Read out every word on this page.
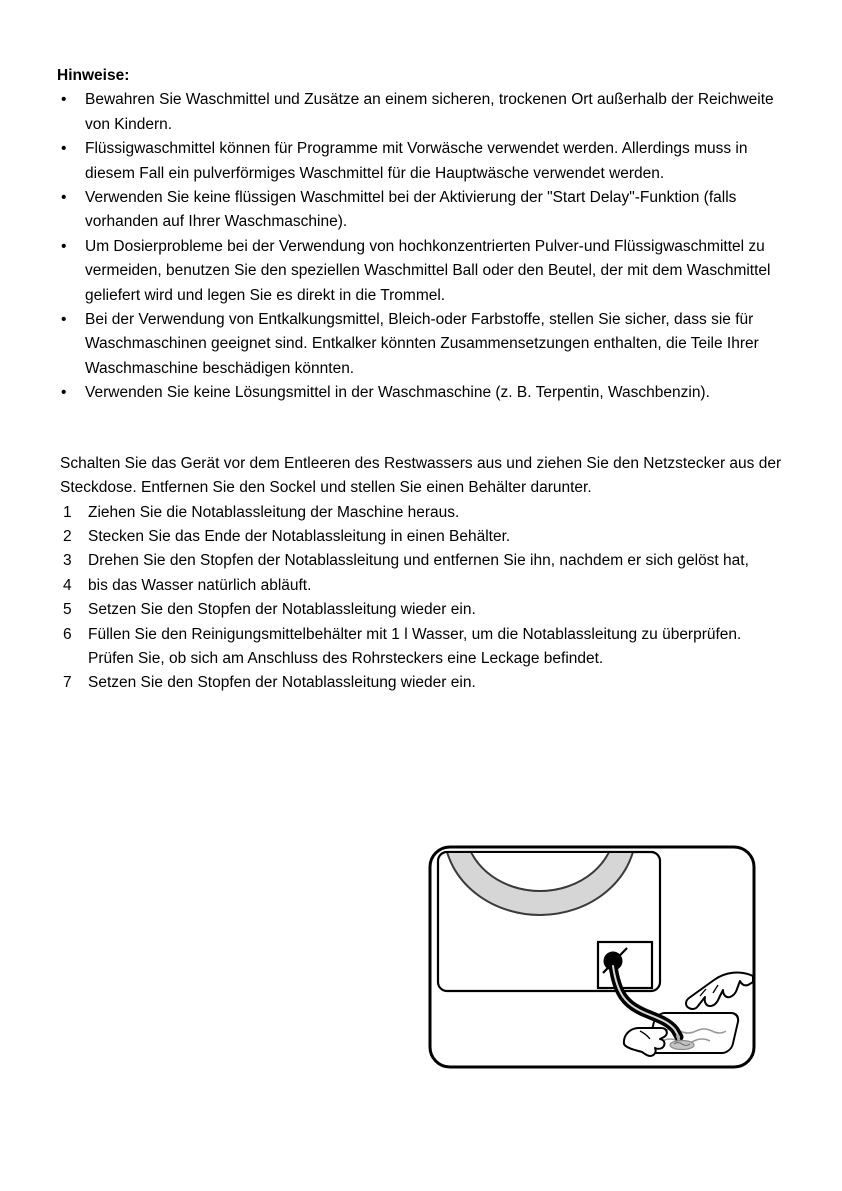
Hinweise:
•	Bewahren Sie Waschmittel und Zusätze an einem sicheren, trockenen Ort außerhalb der Reichweite von Kindern.
•	Flüssigwaschmittel können für Programme mit Vorwäsche verwendet werden. Allerdings muss in diesem Fall ein pulverförmiges Waschmittel für die Hauptwäsche verwendet werden.
•	Verwenden Sie keine flüssigen Waschmittel bei der Aktivierung der "Start Delay"-Funktion (falls vorhanden auf Ihrer Waschmaschine).
•	Um Dosierprobleme bei der Verwendung von hochkonzentrierten Pulver-und Flüssigwaschmittel zu vermeiden, benutzen Sie den speziellen Waschmittel Ball oder den Beutel, der mit dem Waschmittel geliefert wird und legen Sie es direkt in die Trommel.
•	Bei der Verwendung von Entkalkungsmittel, Bleich-oder Farbstoffe, stellen Sie sicher, dass sie für Waschmaschinen geeignet sind. Entkalker könnten Zusammensetzungen enthalten, die Teile Ihrer Waschmaschine beschädigen könnten.
•	Verwenden Sie keine Lösungsmittel in der Waschmaschine (z. B. Terpentin, Waschbenzin).

Schalten Sie das Gerät vor dem Entleeren des Restwassers aus und ziehen Sie den Netzstecker aus der Steckdose. Entfernen Sie den Sockel und stellen Sie einen Behälter darunter.

1	Ziehen Sie die Notablassleitung der Maschine heraus.
2	Stecken Sie das Ende der Notablassleitung in einen Behälter.
3	Drehen Sie den Stopfen der Notablassleitung und entfernen Sie ihn, nachdem er sich gelöst hat,
4	bis das Wasser natürlich abläuft.
5	Setzen Sie den Stopfen der Notablassleitung wieder ein.
6	Füllen Sie den Reinigungsmittelbehälter mit 1 l Wasser, um die Notablassleitung zu überprüfen. Prüfen Sie, ob sich am Anschluss des Rohrsteckers eine Leckage befindet.
7	Setzen Sie den Stopfen der Notablassleitung wieder ein.
